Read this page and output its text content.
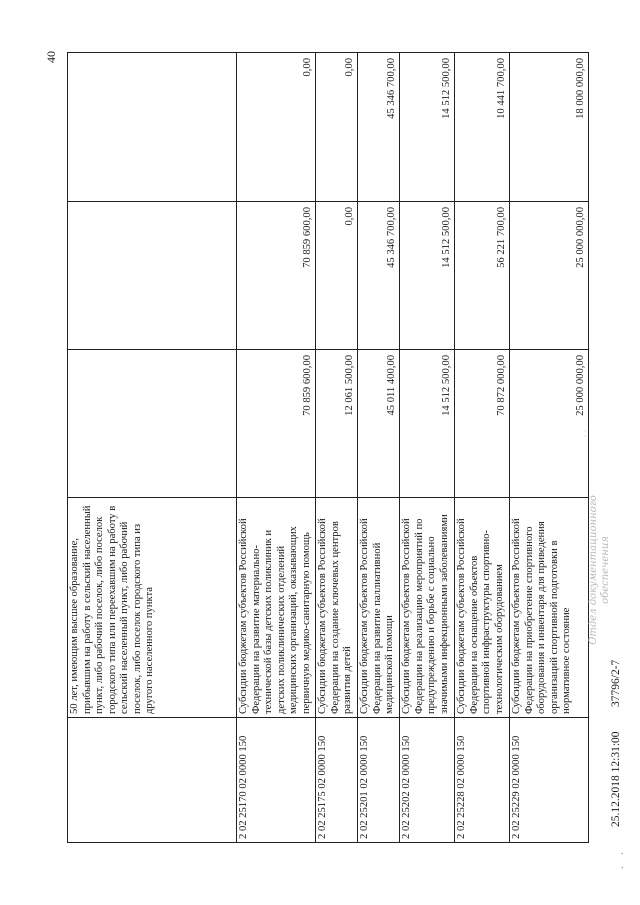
40
	50 лет, имеющим высшее образование, прибывшим на работу в сельский населенный пункт, либо рабочий поселок, либо поселок городского типа или переехавшим на работу в сельский населенный пункт, либо рабочий поселок, либо поселок городского типа из другого населенного пункта			
2 02 25170 02 0000 150	Субсидии бюджетам субъектов Российской Федерации на развитие материально-технической базы детских поликлиник и детских поликлинических отделений медицинских организаций, оказывающих первичную медико-санитарную помощь	70 859 600,00	70 859 600,00	0,00
2 02 25175 02 0000 150	Субсидии бюджетам субъектов Российской Федерации на создание ключевых центров развития детей	12 061 500,00	0,00	0,00
2 02 25201 02 0000 150	Субсидии бюджетам субъектов Российской Федерации на развитие паллиативной медицинской помощи	45 011 400,00	45 346 700,00	45 346 700,00
2 02 25202 02 0000 150	Субсидии бюджетам субъектов Российской Федерации на реализацию мероприятий по предупреждению и борьбе с социально значимыми инфекционными заболеваниями	14 512 500,00	14 512 500,00	14 512 500,00
2 02 25228 02 0000 150	Субсидии бюджетам субъектов Российской Федерации на оснащение объектов спортивной инфраструктуры спортивно-технологическим оборудованием	70 872 000,00	56 221 700,00	10 441 700,00
2 02 25229 02 0000 150	Субсидии бюджетам субъектов Российской Федерации на приобретение спортивного оборудования и инвентаря для приведения организаций спортивной подготовки в нормативное состояние	25 000 000,00	25 000 000,00	18 000 000,00
. .
25.12.2018 12:31:00
37796/2-7
Отдел документационного обеспечения
. .
